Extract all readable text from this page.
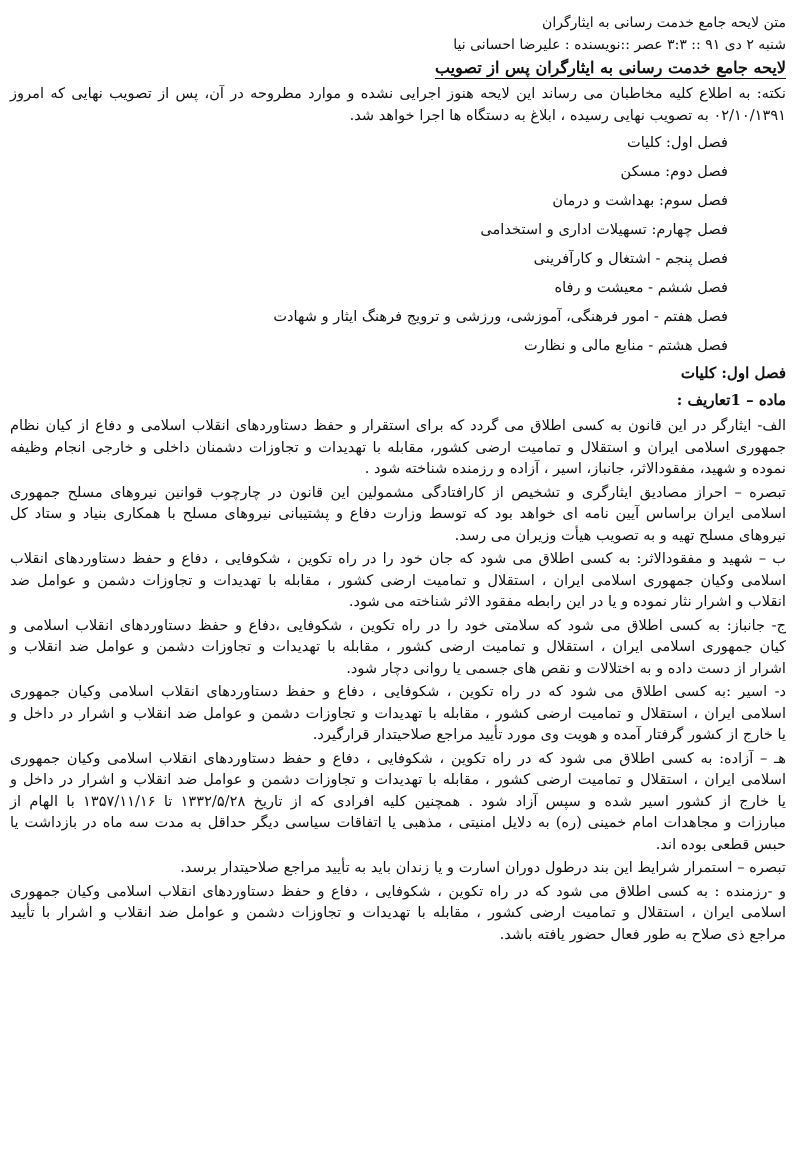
متن لایحه جامع خدمت رسانی به ایثارگران
شنبه ۲ دی ۹۱ :: ۳:۳ عصر ::نویسنده : علیرضا احسانی نیا
لایحه جامع خدمت رسانی به ایثارگران پس از تصویب
نکته: به اطلاع کلیه مخاطبان می رساند این لایحه هنوز اجرایی نشده و موارد مطروحه در آن، پس از تصویب نهایی که امروز
۰۲/۱۰/۱۳۹۱ به تصویب نهایی رسیده ، ابلاغ به دستگاه ها اجرا خواهد شد.
فصل اول: کلیات
فصل دوم: مسکن
فصل سوم: بهداشت و درمان
فصل چهارم: تسهیلات اداری و استخدامی
فصل پنجم - اشتغال و کارآفرینی
فصل ششم - معیشت و رفاه
فصل هفتم - امور فرهنگی، آموزشی، ورزشی و ترویج فرهنگ ایثار و شهادت
فصل هشتم - منابع مالی و نظارت
فصل اول: کلیات
ماده – 1تعاریف :
الف- ایثارگر در این قانون به کسی اطلاق می گردد که برای استقرار و حفظ دستاوردهای انقلاب اسلامی و دفاع از کیان نظام
جمهوری اسلامی ایران و استقلال و تمامیت ارضی کشور، مقابله با تهدیدات و تجاوزات دشمنان داخلی و خارجی انجام وظیفه
نموده و شهید، مفقودالاثر، جانباز، اسیر ، آزاده و رزمنده شناخته شود .
تبصره – احراز مصادیق ایثارگری و تشخیص از کارافتادگی مشمولین این قانون در چارچوب قوانین نیروهای مسلح جمهوری
اسلامی ایران براساس آیین نامه ای خواهد بود که توسط وزارت دفاع و پشتیبانی نیروهای مسلح با همکاری بنیاد و ستاد کل
نیروهای مسلح تهیه و به تصویب هیأت وزیران می رسد.
ب – شهید و مفقودالاثر: به کسی اطلاق می شود که جان خود را در راه تکوین ، شکوفایی ، دفاع و حفظ دستاوردهای انقلاب
اسلامی وکیان جمهوری اسلامی ایران ، استقلال و تمامیت ارضی کشور ، مقابله با تهدیدات و تجاوزات دشمن و عوامل ضد
انقلاب و اشرار نثار نموده و یا در این رابطه مفقود الاثر شناخته می شود.
ج- جانباز: به کسی اطلاق می شود که سلامتی خود را در راه تکوین ، شکوفایی ،دفاع و حفظ دستاوردهای انقلاب اسلامی و
کیان جمهوری اسلامی ایران ، استقلال و تمامیت ارضی کشور ، مقابله با تهدیدات و تجاوزات دشمن و عوامل ضد انقلاب و
اشرار از دست داده و به اختلالات و نقص های جسمی یا روانی دچار شود.
د- اسیر :به کسی اطلاق می شود که در راه تکوین ، شکوفایی ، دفاع و حفظ دستاوردهای انقلاب اسلامی وکیان جمهوری
اسلامی ایران ، استقلال و تمامیت ارضی کشور ، مقابله با تهدیدات و تجاوزات دشمن و عوامل ضد انقلاب و اشرار در داخل و
یا خارج از کشور گرفتار آمده و هویت وی مورد تأیید مراجع صلاحیتدار قرارگیرد.
هـ – آزاده: به کسی اطلاق می شود که در راه تکوین ، شکوفایی ، دفاع و حفظ دستاوردهای انقلاب اسلامی وکیان جمهوری
اسلامی ایران ، استقلال و تمامیت ارضی کشور ، مقابله با تهدیدات و تجاوزات دشمن و عوامل ضد انقلاب و اشرار در داخل و
یا خارج از کشور اسیر شده و سپس آزاد شود . همچنین کلیه افرادی که از تاریخ ۱۳۳۲/۵/۲۸ تا ۱۳۵۷/۱۱/۱۶ با الهام از
مبارزات و مجاهدات امام خمینی (ره) به دلایل امنیتی ، مذهبی یا اتفاقات سیاسی دیگر حداقل به مدت سه ماه در بازداشت یا
حبس قطعی بوده اند.
تبصره – استمرار شرایط این بند درطول دوران اسارت و یا زندان باید به تأیید مراجع صلاحیتدار برسد.
و -رزمنده : به کسی اطلاق می شود که در راه تکوین ، شکوفایی ، دفاع و حفظ دستاوردهای انقلاب اسلامی وکیان جمهوری
اسلامی ایران ، استقلال و تمامیت ارضی کشور ، مقابله با تهدیدات و تجاوزات دشمن و عوامل ضد انقلاب و اشرار با تأیید
مراجع ذی صلاح به طور فعال حضور یافته باشد.
